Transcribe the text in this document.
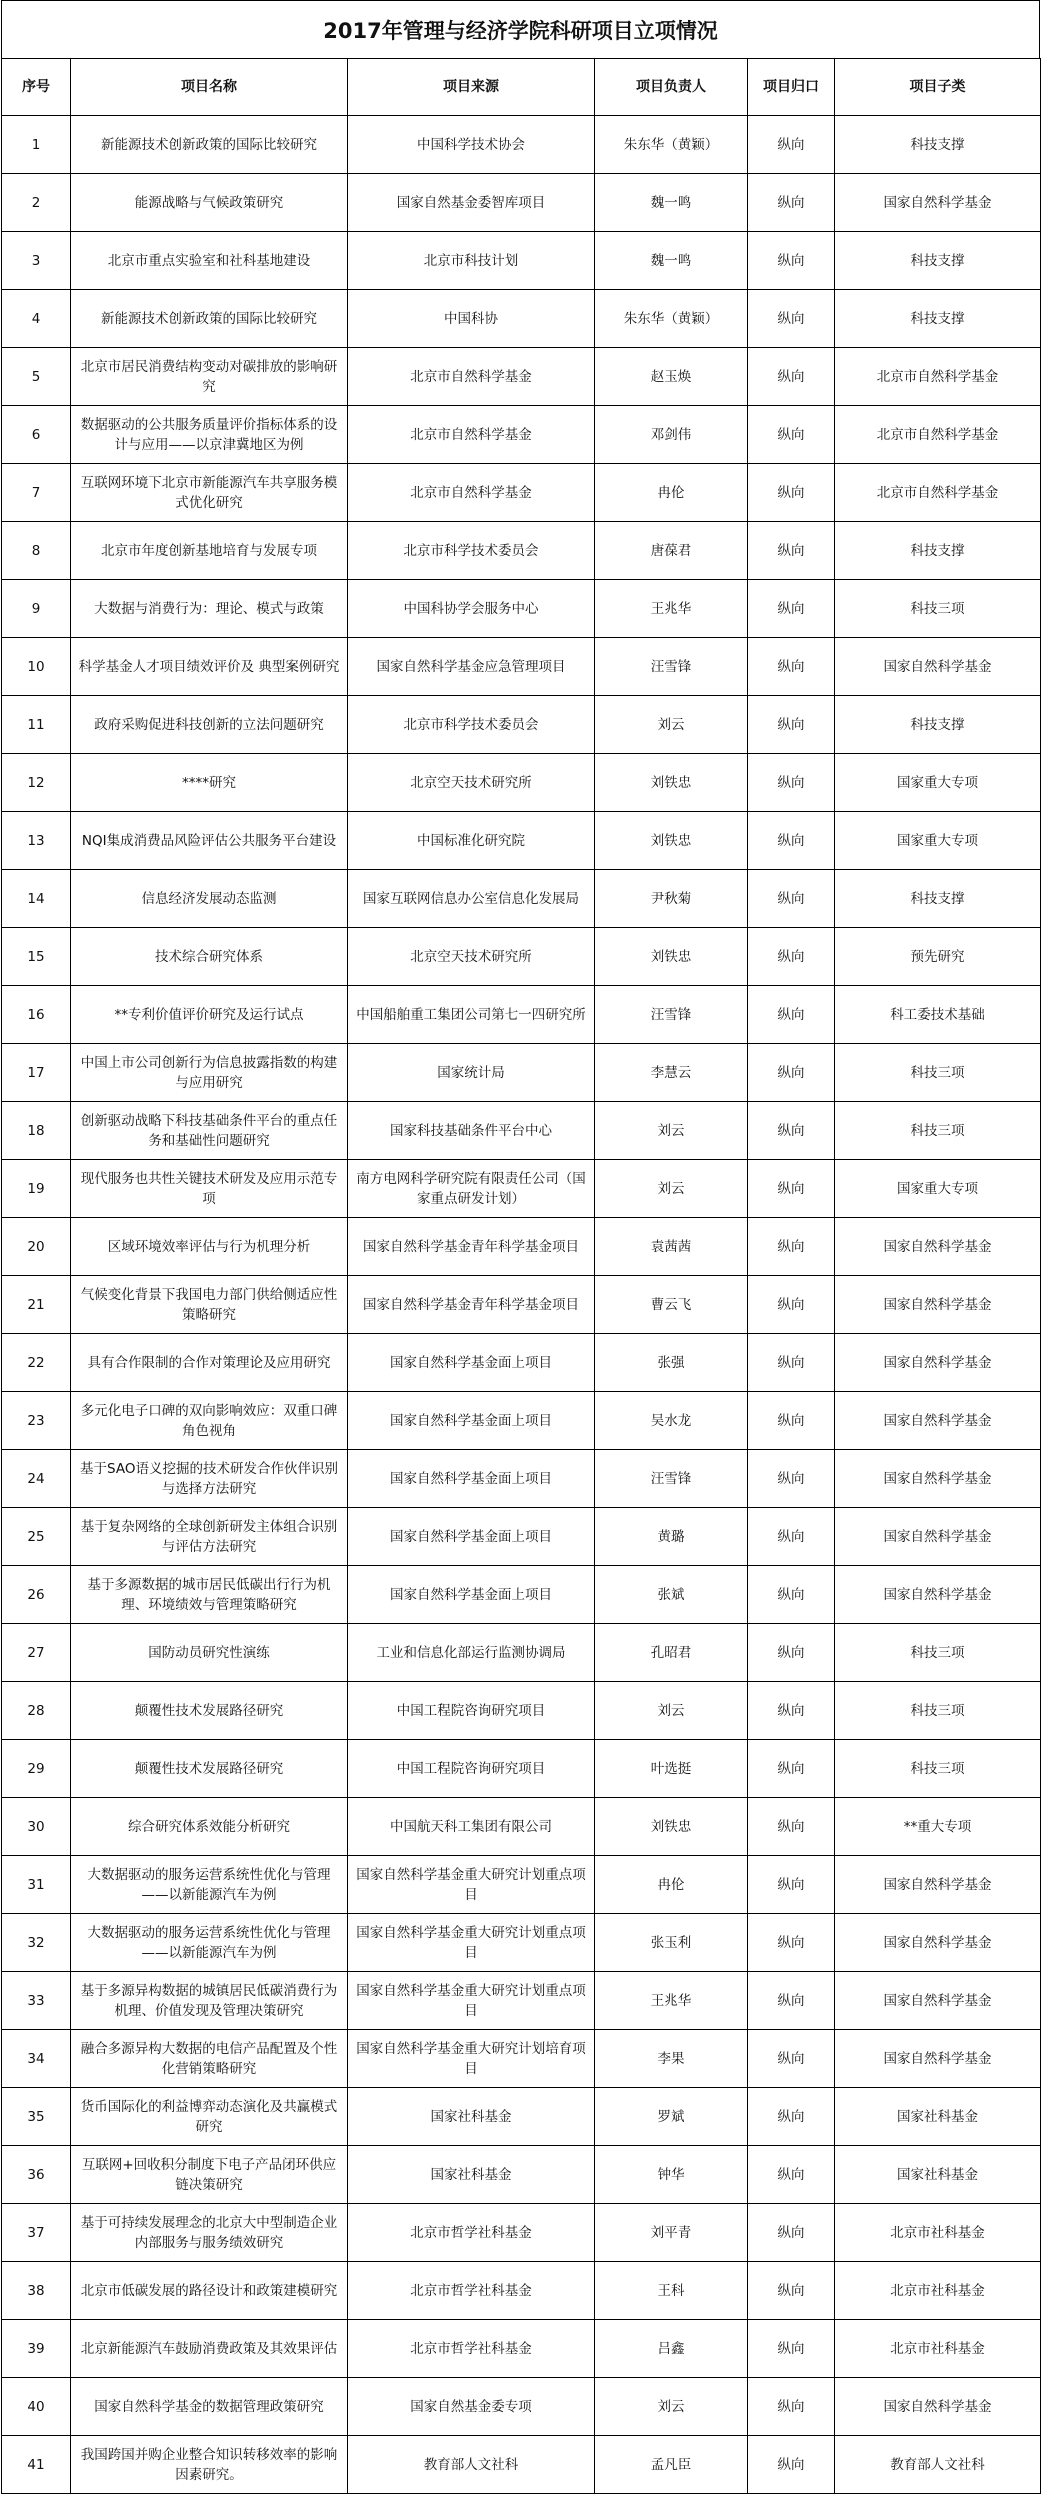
2017年管理与经济学院科研项目立项情况
序号	项目名称	项目来源	项目负责人	项目归口	项目子类
1	新能源技术创新政策的国际比较研究	中国科学技术协会	朱东华（黄颖）	纵向	科技支撑
2	能源战略与气候政策研究	国家自然基金委智库项目	魏一鸣	纵向	国家自然科学基金
3	北京市重点实验室和社科基地建设	北京市科技计划	魏一鸣	纵向	科技支撑
4	新能源技术创新政策的国际比较研究	中国科协	朱东华（黄颖）	纵向	科技支撑
5	北京市居民消费结构变动对碳排放的影响研究	北京市自然科学基金	赵玉焕	纵向	北京市自然科学基金
6	数据驱动的公共服务质量评价指标体系的设计与应用——以京津冀地区为例	北京市自然科学基金	邓剑伟	纵向	北京市自然科学基金
7	互联网环境下北京市新能源汽车共享服务模式优化研究	北京市自然科学基金	冉伦	纵向	北京市自然科学基金
8	北京市年度创新基地培育与发展专项	北京市科学技术委员会	唐葆君	纵向	科技支撑
9	大数据与消费行为：理论、模式与政策	中国科协学会服务中心	王兆华	纵向	科技三项
10	科学基金人才项目绩效评价及 典型案例研究	国家自然科学基金应急管理项目	汪雪锋	纵向	国家自然科学基金
11	政府采购促进科技创新的立法问题研究	北京市科学技术委员会	刘云	纵向	科技支撑
12	****研究	北京空天技术研究所	刘铁忠	纵向	国家重大专项
13	NQI集成消费品风险评估公共服务平台建设	中国标准化研究院	刘铁忠	纵向	国家重大专项
14	信息经济发展动态监测	国家互联网信息办公室信息化发展局	尹秋菊	纵向	科技支撑
15	技术综合研究体系	北京空天技术研究所	刘铁忠	纵向	预先研究
16	**专利价值评价研究及运行试点	中国船舶重工集团公司第七一四研究所	汪雪锋	纵向	科工委技术基础
17	中国上市公司创新行为信息披露指数的构建与应用研究	国家统计局	李慧云	纵向	科技三项
18	创新驱动战略下科技基础条件平台的重点任务和基础性问题研究	国家科技基础条件平台中心	刘云	纵向	科技三项
19	现代服务也共性关键技术研发及应用示范专项	南方电网科学研究院有限责任公司（国家重点研发计划）	刘云	纵向	国家重大专项
20	区域环境效率评估与行为机理分析	国家自然科学基金青年科学基金项目	袁茜茜	纵向	国家自然科学基金
21	气候变化背景下我国电力部门供给侧适应性策略研究	国家自然科学基金青年科学基金项目	曹云飞	纵向	国家自然科学基金
22	具有合作限制的合作对策理论及应用研究	国家自然科学基金面上项目	张强	纵向	国家自然科学基金
23	多元化电子口碑的双向影响效应：双重口碑角色视角	国家自然科学基金面上项目	吴水龙	纵向	国家自然科学基金
24	基于SAO语义挖掘的技术研发合作伙伴识别与选择方法研究	国家自然科学基金面上项目	汪雪锋	纵向	国家自然科学基金
25	基于复杂网络的全球创新研发主体组合识别与评估方法研究	国家自然科学基金面上项目	黄璐	纵向	国家自然科学基金
26	基于多源数据的城市居民低碳出行行为机理、环境绩效与管理策略研究	国家自然科学基金面上项目	张斌	纵向	国家自然科学基金
27	国防动员研究性演练	工业和信息化部运行监测协调局	孔昭君	纵向	科技三项
28	颠覆性技术发展路径研究	中国工程院咨询研究项目	刘云	纵向	科技三项
29	颠覆性技术发展路径研究	中国工程院咨询研究项目	叶选挺	纵向	科技三项
30	综合研究体系效能分析研究	中国航天科工集团有限公司	刘铁忠	纵向	**重大专项
31	大数据驱动的服务运营系统性优化与管理——以新能源汽车为例	国家自然科学基金重大研究计划重点项目	冉伦	纵向	国家自然科学基金
32	大数据驱动的服务运营系统性优化与管理——以新能源汽车为例	国家自然科学基金重大研究计划重点项目	张玉利	纵向	国家自然科学基金
33	基于多源异构数据的城镇居民低碳消费行为机理、价值发现及管理决策研究	国家自然科学基金重大研究计划重点项目	王兆华	纵向	国家自然科学基金
34	融合多源异构大数据的电信产品配置及个性化营销策略研究	国家自然科学基金重大研究计划培育项目	李果	纵向	国家自然科学基金
35	货币国际化的利益博弈动态演化及共赢模式研究	国家社科基金	罗斌	纵向	国家社科基金
36	互联网+回收积分制度下电子产品闭环供应链决策研究	国家社科基金	钟华	纵向	国家社科基金
37	基于可持续发展理念的北京大中型制造企业内部服务与服务绩效研究	北京市哲学社科基金	刘平青	纵向	北京市社科基金
38	北京市低碳发展的路径设计和政策建模研究	北京市哲学社科基金	王科	纵向	北京市社科基金
39	北京新能源汽车鼓励消费政策及其效果评估	北京市哲学社科基金	吕鑫	纵向	北京市社科基金
40	国家自然科学基金的数据管理政策研究	国家自然基金委专项	刘云	纵向	国家自然科学基金
41	我国跨国并购企业整合知识转移效率的影响因素研究。	教育部人文社科	孟凡臣	纵向	教育部人文社科
